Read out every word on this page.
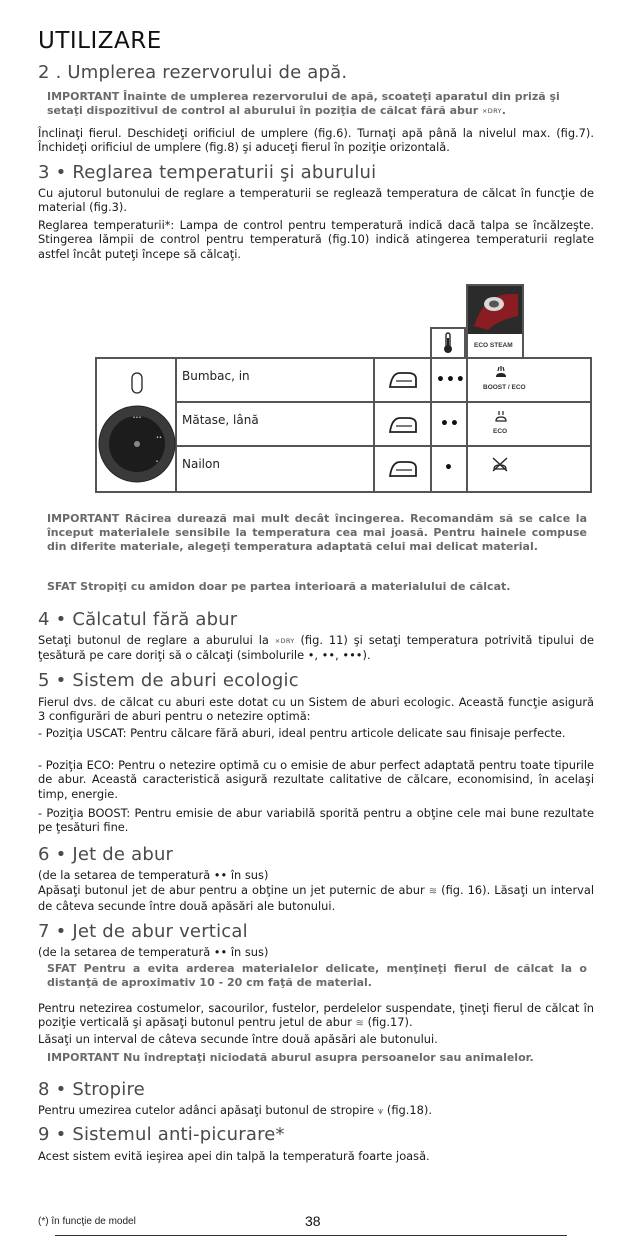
UTILIZARE
2 . Umplerea rezervorului de apă.
IMPORTANT Înainte de umplerea rezervorului de apă, scoateţi aparatul din priză şi
setaţi dispozitivul de control al aburului în poziţia de călcat fără abur ⨯DRY.
Înclinaţi fierul. Deschideţi orificiul de umplere (fig.6). Turnaţi apă până la nivelul max. (fig.7). Închideţi orificiul de umplere (fig.8) şi aduceţi fierul în poziţie orizontală.
3 • Reglarea temperaturii şi aburului
Cu ajutorul butonului de reglare a temperaturii se reglează temperatura de călcat în funcţie de material (fig.3).
Reglarea temperaturii*: Lampa de control pentru temperatură indică dacă talpa se încălzeşte. Stingerea lămpii de control pentru temperatură (fig.10) indică atingerea temperaturii reglate astfel încât puteţi începe să călcaţi.
ECO STEAM
•••
••
•
Bumbac, in
Mătase, lână
Nailon
•••
••
•
BOOST / ECO
ECO
IMPORTANT Răcirea durează mai mult decât încingerea. Recomandăm să se calce la început materialele sensibile la temperatura cea mai joasă. Pentru hainele compuse din diferite materiale, alegeţi temperatura adaptată celui mai delicat material.
SFAT Stropiţi cu amidon doar pe partea interioară a materialului de călcat.
4 • Călcatul fără abur
Setaţi butonul de reglare a aburului la ⨯DRY (fig. 11) şi setaţi temperatura potrivită tipului de ţesătură pe care doriţi să o călcaţi (simbolurile •, ••, •••).
5 • Sistem de aburi ecologic
Fierul dvs. de călcat cu aburi este dotat cu un Sistem de aburi ecologic. Această funcţie asigură 3 configurări de aburi pentru o netezire optimă:
- Poziţia USCAT: Pentru călcare fără aburi, ideal pentru articole delicate sau finisaje perfecte.
- Poziţia ECO: Pentru o netezire optimă cu o emisie de abur perfect adaptată pentru toate tipurile de abur. Această caracteristică asigură rezultate calitative de călcare, economisind, în acelaşi timp, energie.
- Poziţia BOOST: Pentru emisie de abur variabilă sporită pentru a obţine cele mai bune rezultate pe ţesături fine.
6 • Jet de abur
(de la setarea de temperatură •• în sus)
Apăsaţi butonul jet de abur pentru a obţine un jet puternic de abur ≋ (fig. 16). Lăsaţi un interval de câteva secunde între două apăsări ale butonului.
7 • Jet de abur vertical
(de la setarea de temperatură •• în sus)
SFAT Pentru a evita arderea materialelor delicate, menţineţi fierul de călcat la o distanţă de aproximativ 10 - 20 cm faţă de material.
Pentru netezirea costumelor, sacourilor, fustelor, perdelelor suspendate, ţineţi fierul de călcat în poziţie verticală şi apăsaţi butonul pentru jetul de abur ≋ (fig.17).
Lăsaţi un interval de câteva secunde între două apăsări ale butonului.
IMPORTANT Nu îndreptaţi niciodată aburul asupra persoanelor sau animalelor.
8 • Stropire
Pentru umezirea cutelor adânci apăsaţi butonul de stropire ⩛ (fig.18).
9 • Sistemul anti-picurare*
Acest sistem evită ieşirea apei din talpă la temperatură foarte joasă.
(*) în funcţie de model	38
